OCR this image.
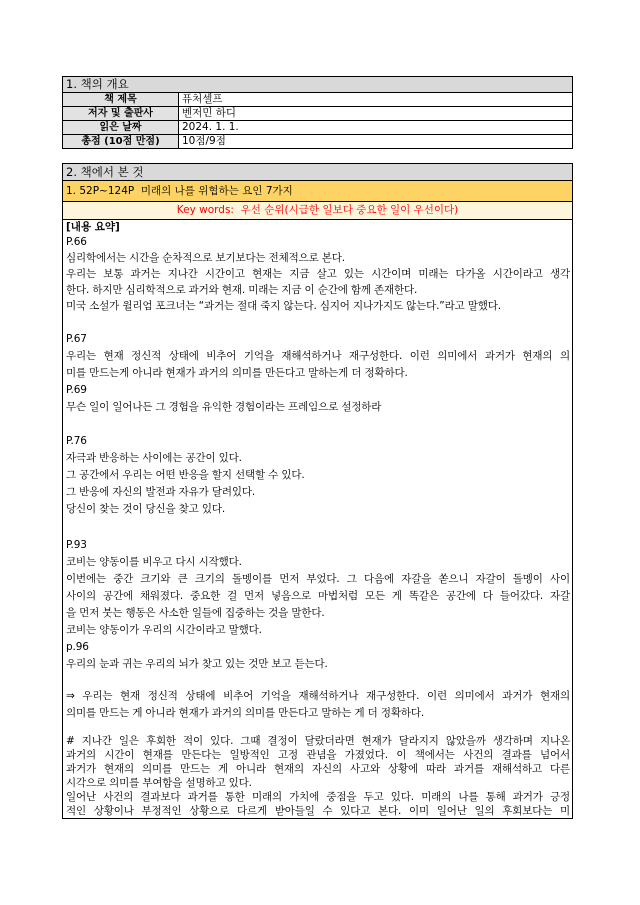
1. 책의 개요
책 제목	퓨처셀프
저자 및 출판사	벤저민 하디
읽은 날짜	2024. 1. 1.
총점 (10점 만점)	10점/9점
2. 책에서 본 것
1. 52P~124P  미래의 나를 위협하는 요인 7가지
Key words:  우선 순위(시급한 일보다 중요한 일이 우선이다)
[내용 요약]
P.66
심리학에서는 시간을 순차적으로 보기보다는 전체적으로 본다.
우리는 보통 과거는 지나간 시간이고 현재는 지금 살고 있는 시간이며 미래는 다가올 시간이라고 생각
한다. 하지만 심리학적으로 과거와 현재. 미래는 지금 이 순간에 함께 존재한다.
미국 소설가 윌리엄 포크너는 “과거는 절대 죽지 않는다. 심지어 지나가지도 않는다.”라고 말했다.
P.67
우리는 현재 정신적 상태에 비추어 기억을 재해석하거나 재구성한다. 이런 의미에서 과거가 현재의 의
미를 만드는게 아니라 현재가 과거의 의미를 만든다고 말하는게 더 정확하다.
P.69
무슨 일이 일어나든 그 경험을 유익한 경험이라는 프레임으로 설정하라
P.76
자극과 반응하는 사이에는 공간이 있다.
그 공간에서 우리는 어떤 반응을 할지 선택할 수 있다.
그 반응에 자신의 발전과 자유가 달려있다.
당신이 찾는 것이 당신을 찾고 있다.
P.93
코비는 양동이를 비우고 다시 시작했다.
이번에는 중간 크기와 큰 크기의 돌멩이를 먼저 부었다. 그 다음에 자갈을 쏟으니 자갈이 돌멩이 사이
사이의 공간에 채워졌다. 중요한 걸 먼저 넣음으로 마법처럼 모든 게 똑같은 공간에 다 들어갔다. 자갈
을 먼저 붓는 행동은 사소한 일들에 집중하는 것을 말한다.
코비는 양동이가 우리의 시간이라고 말했다.
p.96
우리의 눈과 귀는 우리의 뇌가 찾고 있는 것만 보고 듣는다.
⇒ 우리는 현재 정신적 상태에 비추어 기억을 재해석하거나 재구성한다. 이런 의미에서 과거가 현재의
의미를 만드는 게 아니라 현재가 과거의 의미를 만든다고 말하는 게 더 정확하다.
# 지나간 일은 후회한 적이 있다. 그때 결정이 달랐더라면 현재가 달라지지 않았을까 생각하며 지나온
과거의 시간이 현재를 만든다는 일방적인 고정 관념을 가졌었다. 이 책에서는 사건의 결과를 넘어서
과거가 현재의 의미를 만드는 게 아니라 현재의 자신의 사고와 상황에 따라 과거를 재해석하고 다른
시각으로 의미를 부여함을 설명하고 있다.
일어난 사건의 결과보다 과거를 통한 미래의 가치에 중점을 두고 있다. 미래의 나를 통해 과거가 긍정
적인 상황이나 부정적인 상황으로 다르게 받아들일 수 있다고 본다. 이미 일어난 일의 후회보다는 미
